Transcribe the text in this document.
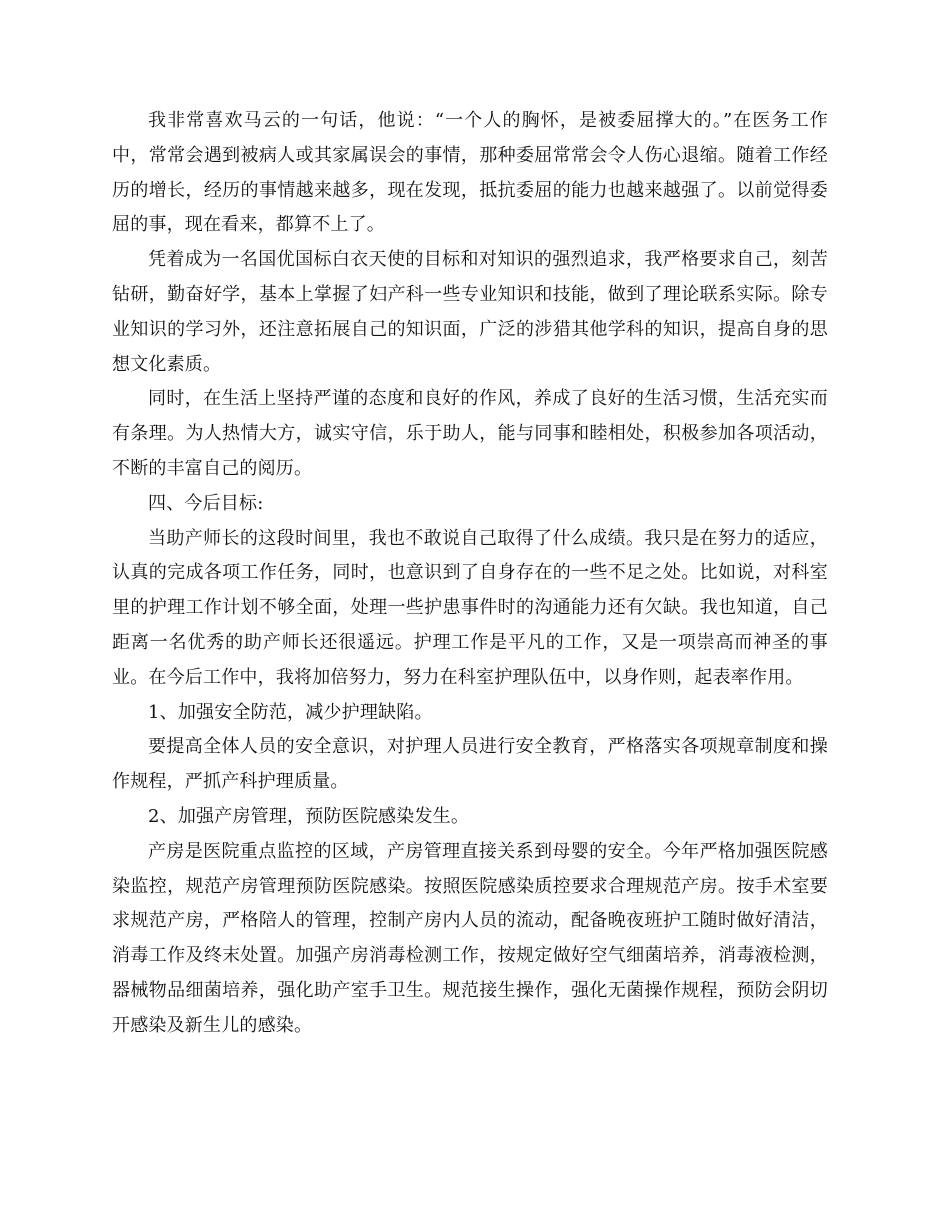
我非常喜欢马云的一句话，他说：“一个人的胸怀，是被委屈撑大的。”在医务工作中，常常会遇到被病人或其家属误会的事情，那种委屈常常会令人伤心退缩。随着工作经历的增长，经历的事情越来越多，现在发现，抵抗委屈的能力也越来越强了。以前觉得委屈的事，现在看来，都算不上了。

凭着成为一名国优国标白衣天使的目标和对知识的强烈追求，我严格要求自己，刻苦钻研，勤奋好学，基本上掌握了妇产科一些专业知识和技能，做到了理论联系实际。除专业知识的学习外，还注意拓展自己的知识面，广泛的涉猎其他学科的知识，提高自身的思想文化素质。

同时，在生活上坚持严谨的态度和良好的作风，养成了良好的生活习惯，生活充实而有条理。为人热情大方，诚实守信，乐于助人，能与同事和睦相处，积极参加各项活动，不断的丰富自己的阅历。

四、今后目标:

当助产师长的这段时间里，我也不敢说自己取得了什么成绩。我只是在努力的适应，认真的完成各项工作任务，同时，也意识到了自身存在的一些不足之处。比如说，对科室里的护理工作计划不够全面，处理一些护患事件时的沟通能力还有欠缺。我也知道，自己距离一名优秀的助产师长还很遥远。护理工作是平凡的工作，又是一项崇高而神圣的事业。在今后工作中，我将加倍努力，努力在科室护理队伍中，以身作则，起表率作用。

1、加强安全防范，减少护理缺陷。

要提高全体人员的安全意识，对护理人员进行安全教育，严格落实各项规章制度和操作规程，严抓产科护理质量。

2、加强产房管理，预防医院感染发生。

产房是医院重点监控的区域，产房管理直接关系到母婴的安全。今年严格加强医院感染监控，规范产房管理预防医院感染。按照医院感染质控要求合理规范产房。按手术室要求规范产房，严格陪人的管理，控制产房内人员的流动，配备晚夜班护工随时做好清洁，消毒工作及终末处置。加强产房消毒检测工作，按规定做好空气细菌培养，消毒液检测，器械物品细菌培养，强化助产室手卫生。规范接生操作，强化无菌操作规程，预防会阴切开感染及新生儿的感染。
